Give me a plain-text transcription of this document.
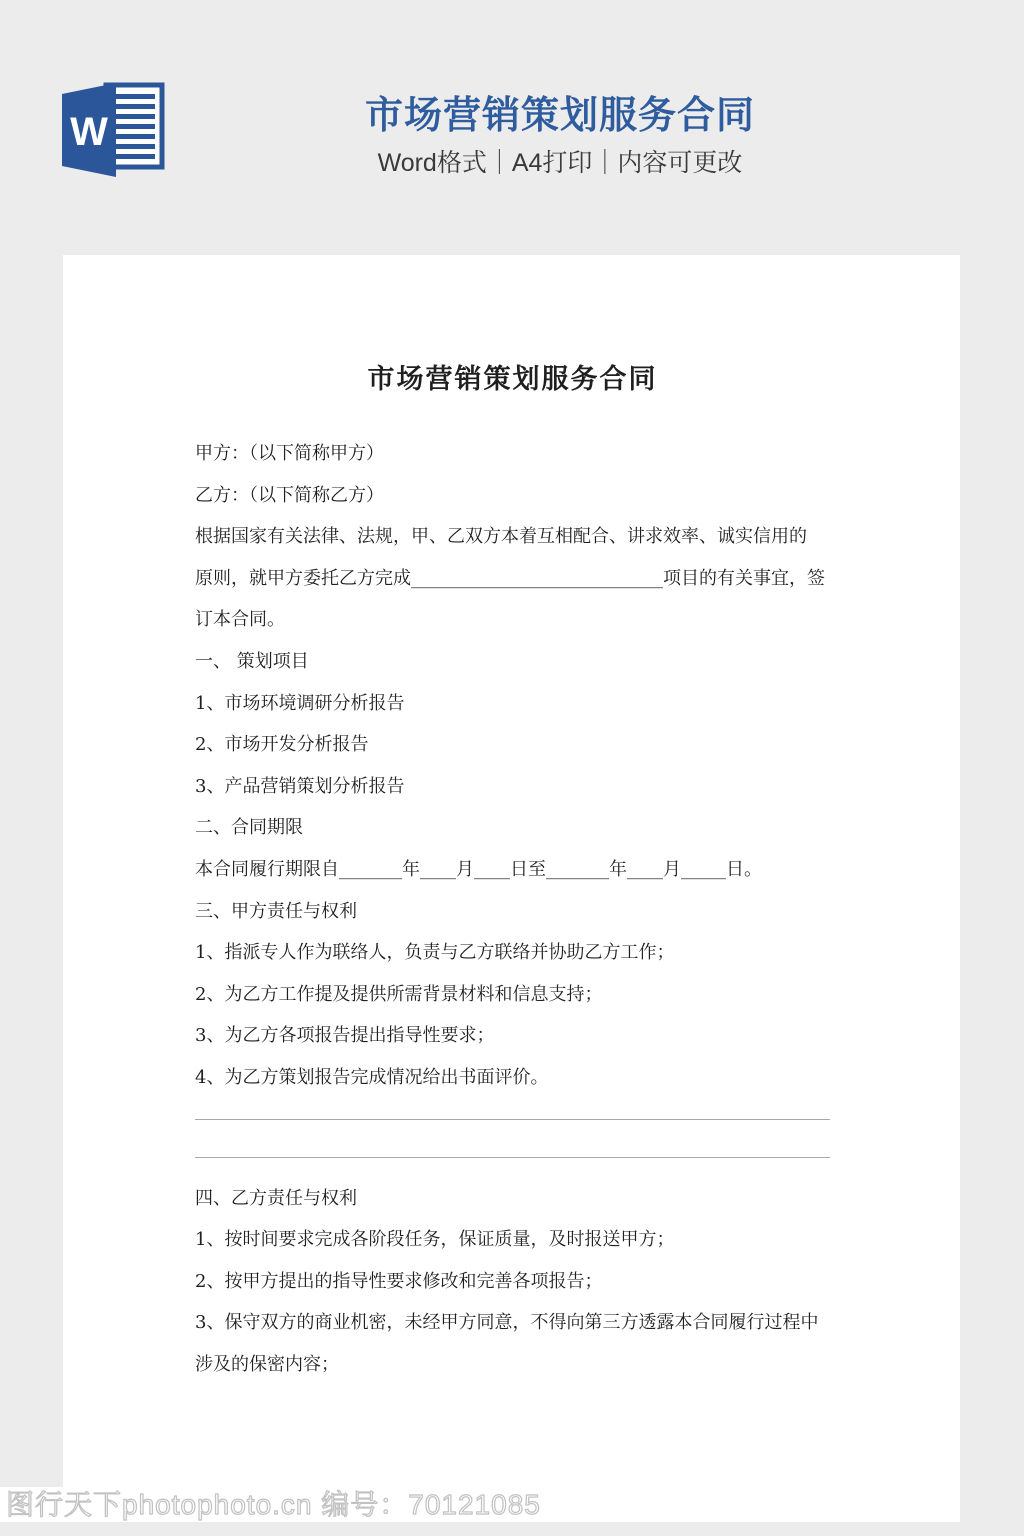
W	市场营销策划服务合同
Word格式｜A4打印｜内容可更改
市场营销策划服务合同

甲方：（以下简称甲方）

乙方：（以下简称乙方）

根据国家有关法律、法规，甲、乙双方本着互相配合、讲求效率、诚实信用的

原则，就甲方委托乙方完成____________________________项目的有关事宜，签

订本合同。

一、 策划项目

1、市场环境调研分析报告

2、市场开发分析报告

3、产品营销策划分析报告

二、合同期限

本合同履行期限自_______年____月____日至_______年____月_____日。

三、甲方责任与权利

1、指派专人作为联络人，负责与乙方联络并协助乙方工作；

2、为乙方工作提及提供所需背景材料和信息支持；

3、为乙方各项报告提出指导性要求；

4、为乙方策划报告完成情况给出书面评价。

四、乙方责任与权利

1、按时间要求完成各阶段任务，保证质量，及时报送甲方；

2、按甲方提出的指导性要求修改和完善各项报告；

3、保守双方的商业机密，未经甲方同意，不得向第三方透露本合同履行过程中

涉及的保密内容；

图行天下photophoto.cn 编号：70121085
